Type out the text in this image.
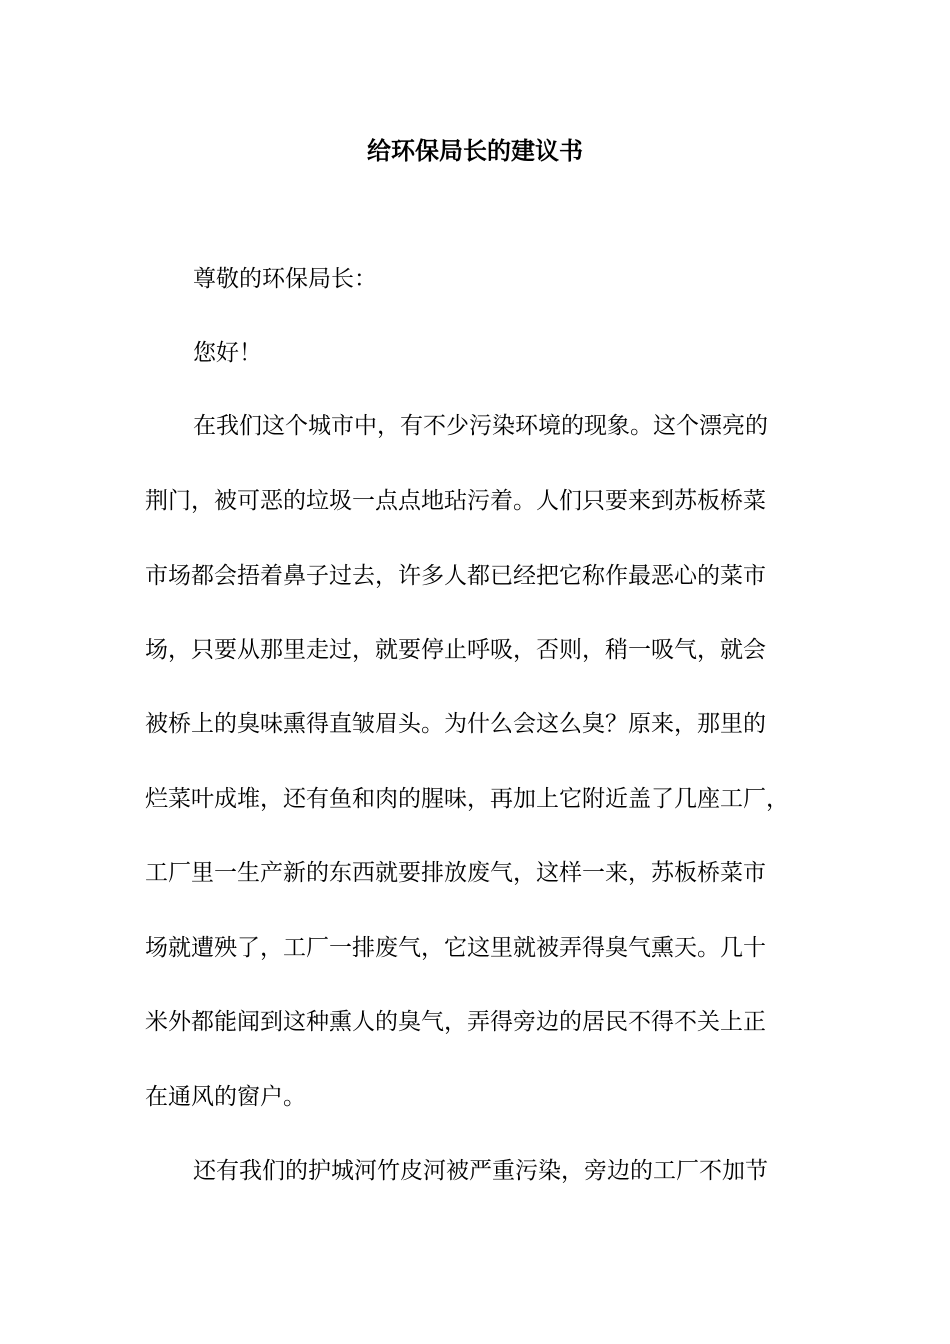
给环保局长的建议书

尊敬的环保局长：

您好！

在我们这个城市中，有不少污染环境的现象。这个漂亮的

荆门，被可恶的垃圾一点点地玷污着。人们只要来到苏板桥菜

市场都会捂着鼻子过去，许多人都已经把它称作最恶心的菜市

场，只要从那里走过，就要停止呼吸，否则，稍一吸气，就会

被桥上的臭味熏得直皱眉头。为什么会这么臭？原来，那里的

烂菜叶成堆，还有鱼和肉的腥味，再加上它附近盖了几座工厂，

工厂里一生产新的东西就要排放废气，这样一来，苏板桥菜市

场就遭殃了，工厂一排废气，它这里就被弄得臭气熏天。几十

米外都能闻到这种熏人的臭气，弄得旁边的居民不得不关上正

在通风的窗户。

还有我们的护城河竹皮河被严重污染，旁边的工厂不加节
